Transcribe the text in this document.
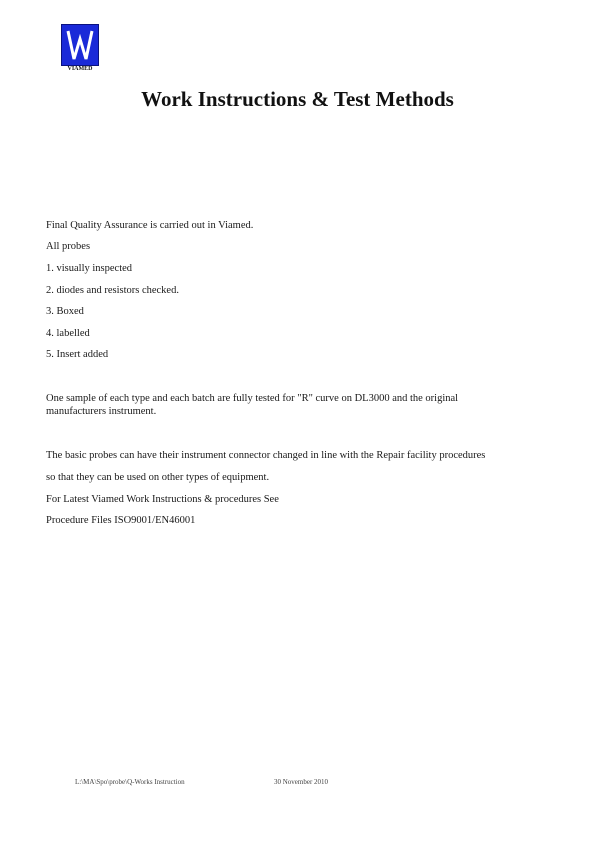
VIAMED
Work Instructions & Test Methods
Final Quality Assurance is carried out in Viamed.
All probes
1. visually inspected
2. diodes and resistors checked.
3. Boxed
4. labelled
5. Insert added
One sample of each type and each batch are fully tested for "R" curve on DL3000 and the original
manufacturers instrument.
The basic probes can have their instrument connector changed in line with the Repair facility procedures
so that they can be used on other types of equipment.
For Latest Viamed Work Instructions & procedures See
Procedure Files ISO9001/EN46001
L:\MA\Spo\probe\Q-Works Instruction	30 November 2010
